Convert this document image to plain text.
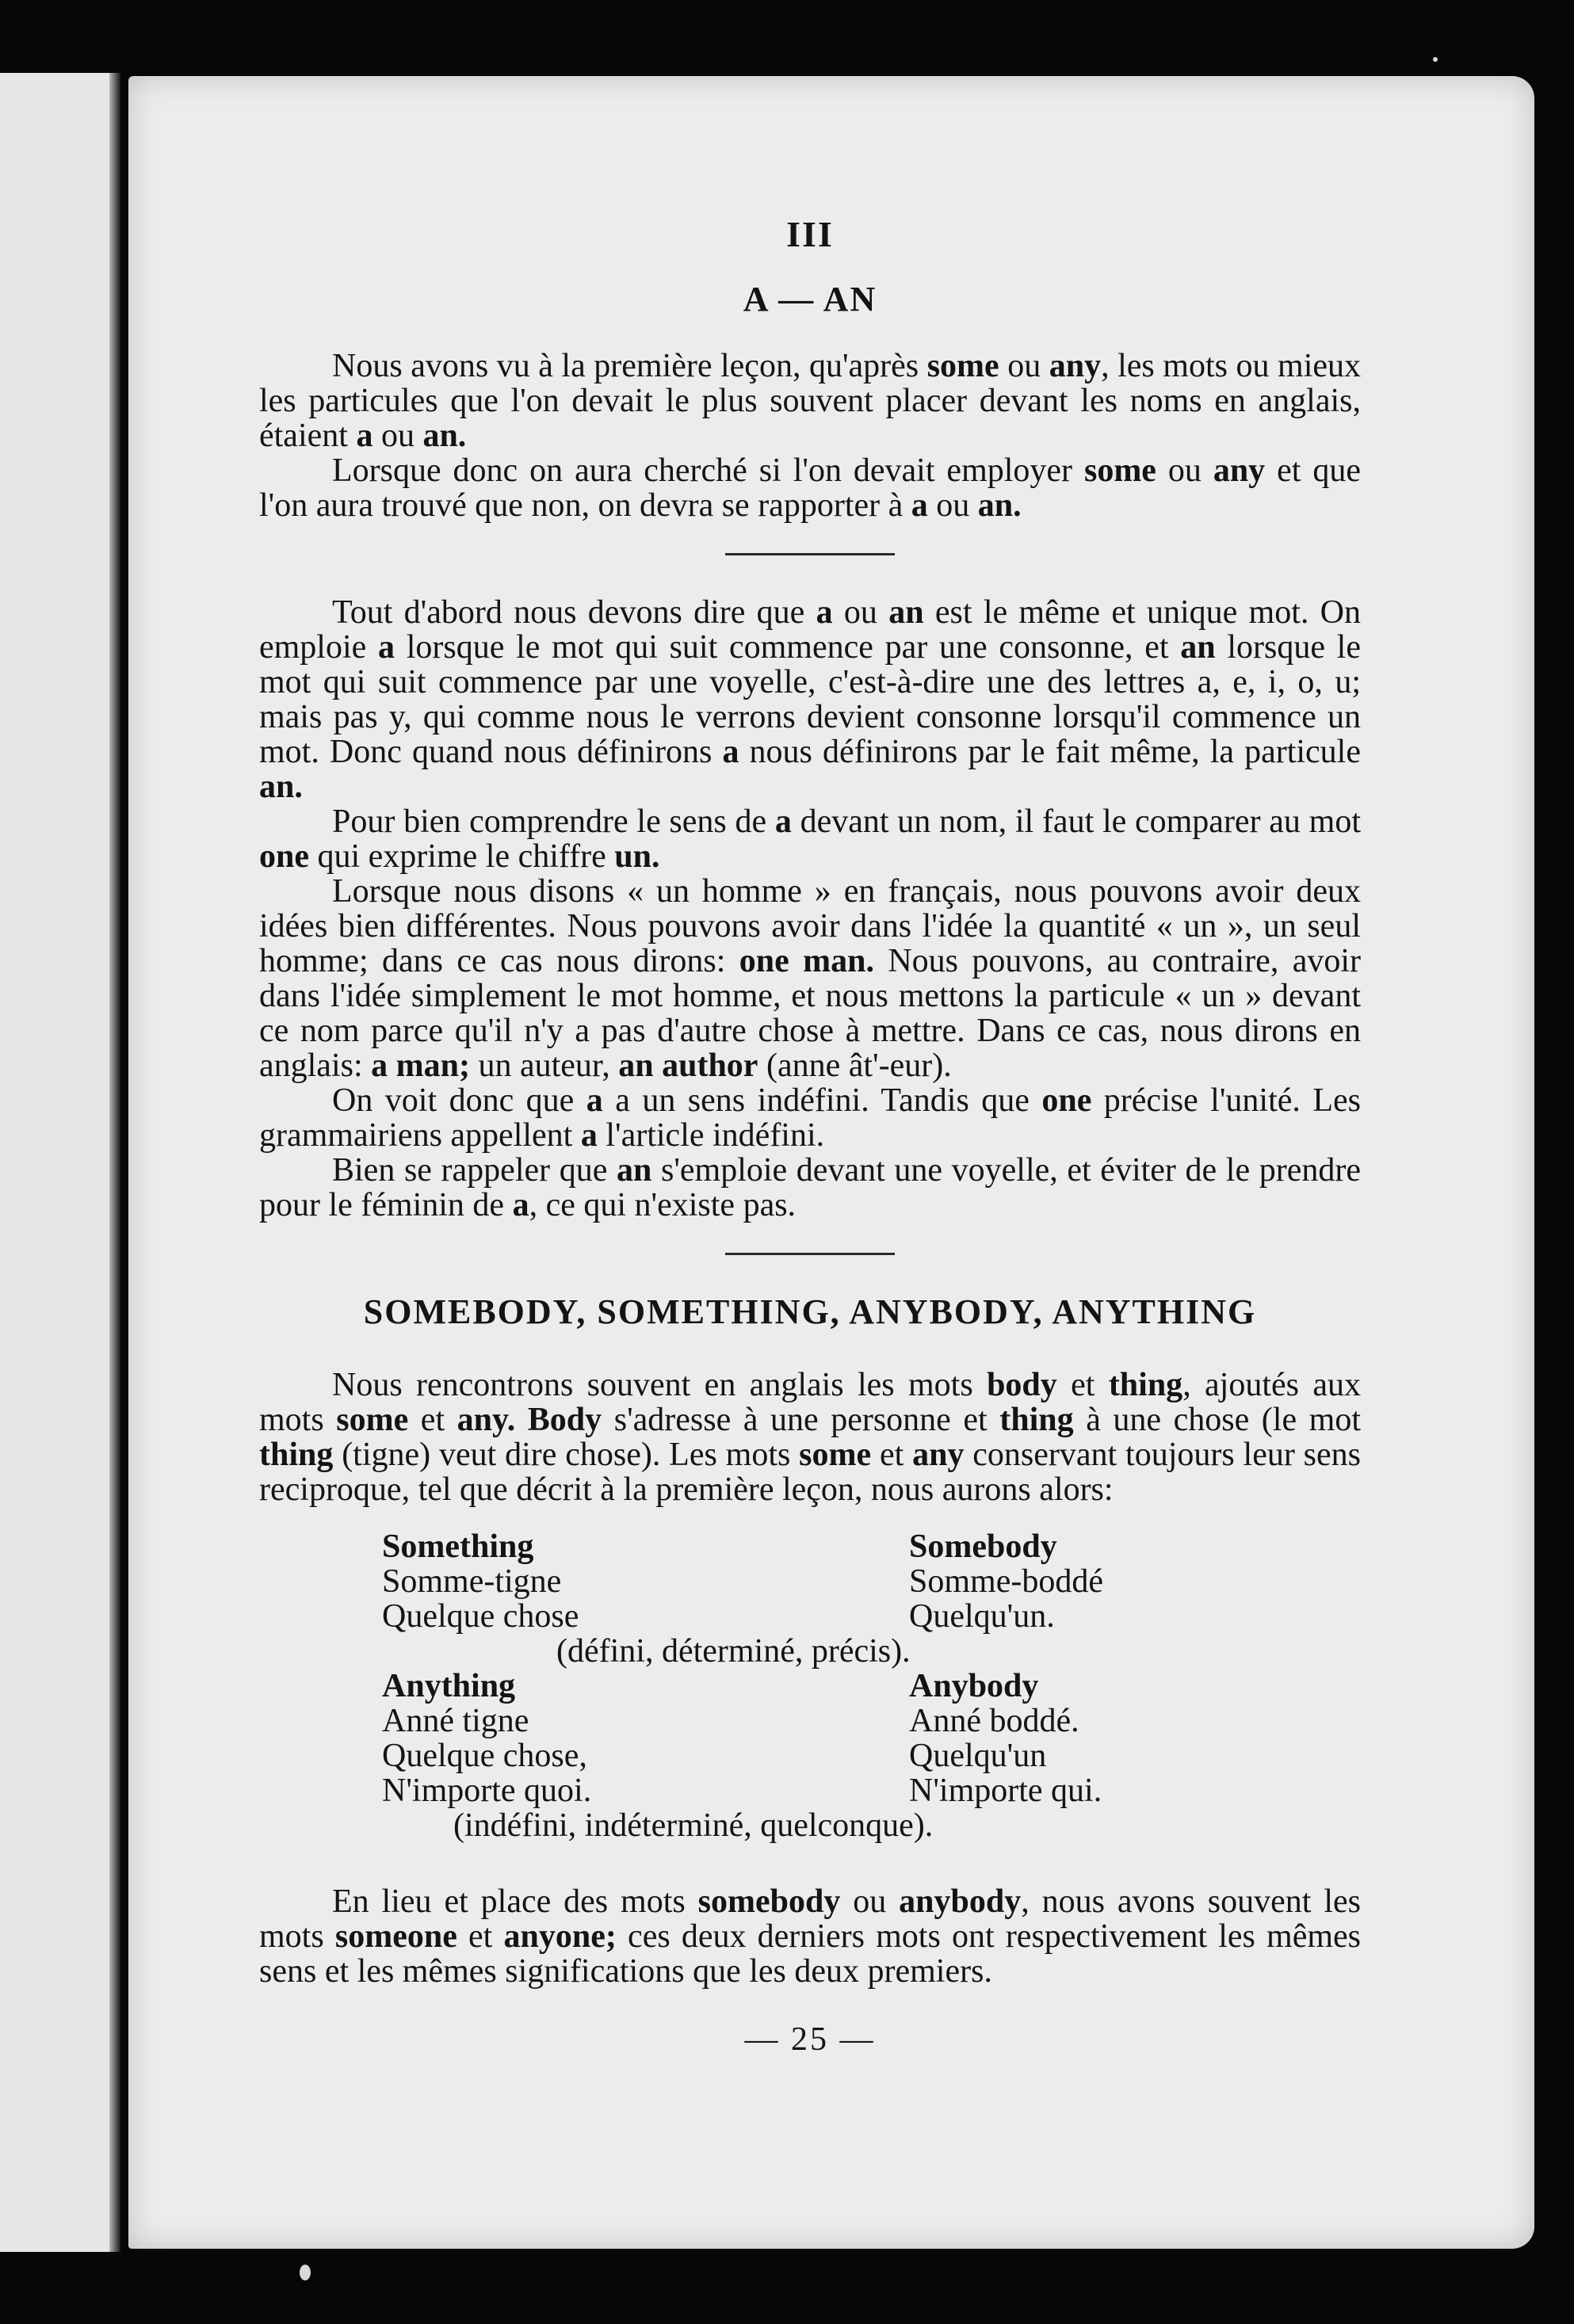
III
A — AN

Nous avons vu à la première leçon, qu'après some ou any, les mots ou mieux les particules que l'on devait le plus souvent placer devant les noms en anglais, étaient a ou an.

Lorsque donc on aura cherché si l'on devait employer some ou any et que l'on aura trouvé que non, on devra se rapporter à a ou an.

Tout d'abord nous devons dire que a ou an est le même et unique mot. On emploie a lorsque le mot qui suit commence par une consonne, et an lorsque le mot qui suit commence par une voyelle, c'est-à-dire une des lettres a, e, i, o, u; mais pas y, qui comme nous le verrons devient consonne lorsqu'il commence un mot. Donc quand nous définirons a nous définirons par le fait même, la particule an.

Pour bien comprendre le sens de a devant un nom, il faut le comparer au mot one qui exprime le chiffre un.

Lorsque nous disons « un homme » en français, nous pouvons avoir deux idées bien différentes. Nous pouvons avoir dans l'idée la quantité « un », un seul homme; dans ce cas nous dirons: one man. Nous pouvons, au contraire, avoir dans l'idée simplement le mot homme, et nous mettons la particule « un » devant ce nom parce qu'il n'y a pas d'autre chose à mettre. Dans ce cas, nous dirons en anglais: a man; un auteur, an author (anne ât'-eur).

On voit donc que a a un sens indéfini. Tandis que one précise l'unité. Les grammairiens appellent a l'article indéfini.

Bien se rappeler que an s'emploie devant une voyelle, et éviter de le prendre pour le féminin de a, ce qui n'existe pas.

SOMEBODY, SOMETHING, ANYBODY, ANYTHING

Nous rencontrons souvent en anglais les mots body et thing, ajoutés aux mots some et any. Body s'adresse à une personne et thing à une chose (le mot thing (tigne) veut dire chose). Les mots some et any conservant toujours leur sens reciproque, tel que décrit à la première leçon, nous aurons alors:

Something
Somme-tigne
Quelque chose
Somebody
Somme-boddé
Quelqu'un.
(défini, déterminé, précis).
Anything
Anné tigne
Quelque chose,
N'importe quoi.
Anybody
Anné boddé.
Quelqu'un
N'importe qui.
(indéfini, indéterminé, quelconque).

En lieu et place des mots somebody ou anybody, nous avons souvent les mots someone et anyone; ces deux derniers mots ont respectivement les mêmes sens et les mêmes significations que les deux premiers.

— 25 —
